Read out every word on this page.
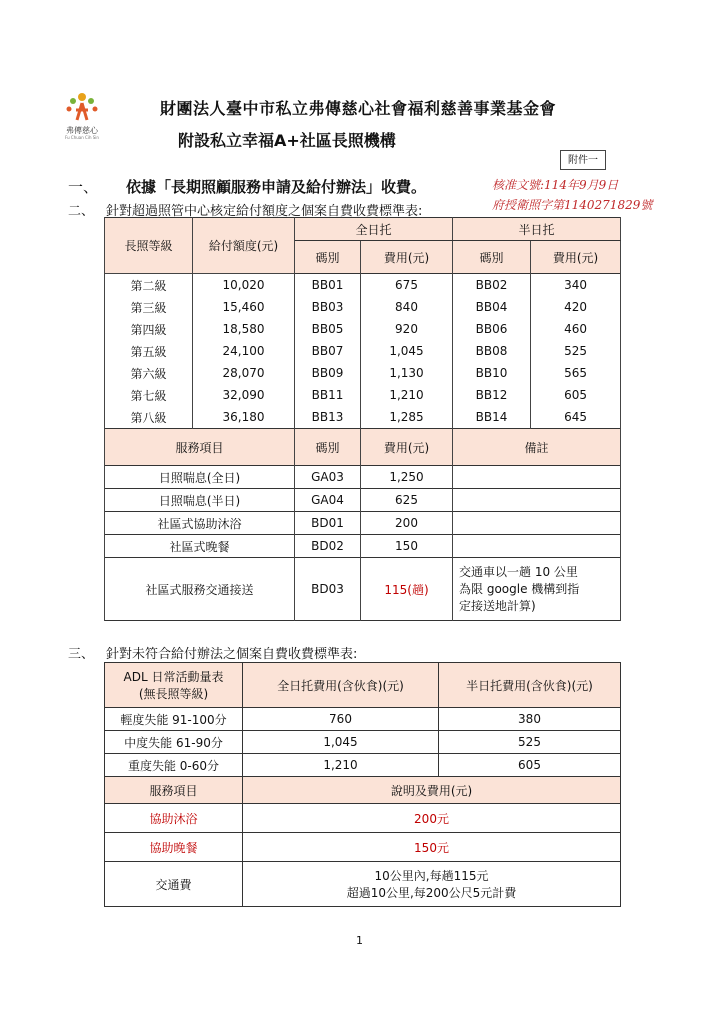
弗傳慈心
Fu Chuan Cih Sin
財團法人臺中市私立弗傳慈心社會福利慈善事業基金會
附設私立幸福A+社區長照機構
附件一
核准文號:114年9月9日
府授衛照字第1140271829號
一、 依據「長期照顧服務申請及給付辦法」收費。
二、 針對超過照管中心核定給付額度之個案自費收費標準表:
長照等級	給付額度(元)	全日托		半日托	
		碼別	費用(元)	碼別	費用(元)
第二級	10,020	BB01	675	BB02	340
第三級	15,460	BB03	840	BB04	420
第四級	18,580	BB05	920	BB06	460
第五級	24,100	BB07	1,045	BB08	525
第六級	28,070	BB09	1,130	BB10	565
第七級	32,090	BB11	1,210	BB12	605
第八級	36,180	BB13	1,285	BB14	645
服務項目		碼別	費用(元)	備註	
日照喘息(全日)		GA03	1,250		
日照喘息(半日)		GA04	625		
社區式協助沐浴		BD01	200		
社區式晚餐		BD02	150		
社區式服務交通接送		BD03	115(趟)	交通車以一趟 10 公里
為限 google 機構到指
定接送地計算)	
三、 針對未符合給付辦法之個案自費收費標準表:
ADL 日常活動量表
(無長照等級)	全日托費用(含伙食)(元)	半日托費用(含伙食)(元)
輕度失能 91-100分	760	380
中度失能 61-90分	1,045	525
重度失能 0-60分	1,210	605
服務項目	說明及費用(元)	
協助沐浴	200元	
協助晚餐	150元	
交通費	10公里內,每趟115元
超過10公里,每200公尺5元計費	
1
